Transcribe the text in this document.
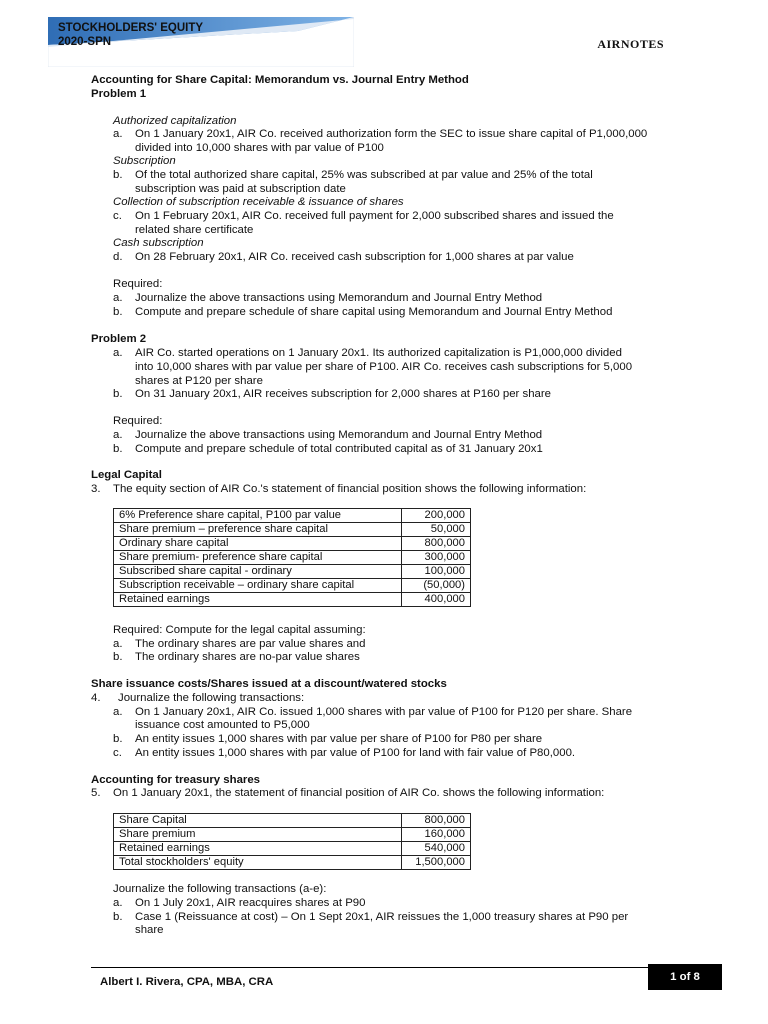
STOCKHOLDERS' EQUITY
2020-SPN	AIRNOTES
Accounting for Share Capital: Memorandum vs. Journal Entry Method
Problem 1
Authorized capitalization
a. On 1 January 20x1, AIR Co. received authorization form the SEC to issue share capital of P1,000,000
divided into 10,000 shares with par value of P100
Subscription
b. Of the total authorized share capital, 25% was subscribed at par value and 25% of the total
subscription was paid at subscription date
Collection of subscription receivable & issuance of shares
c. On 1 February 20x1, AIR Co. received full payment for 2,000 subscribed shares and issued the
related share certificate
Cash subscription
d. On 28 February 20x1, AIR Co. received cash subscription for 1,000 shares at par value
Required:
a. Journalize the above transactions using Memorandum and Journal Entry Method
b. Compute and prepare schedule of share capital using Memorandum and Journal Entry Method
Problem 2
a. AIR Co. started operations on 1 January 20x1. Its authorized capitalization is P1,000,000 divided
into 10,000 shares with par value per share of P100. AIR Co. receives cash subscriptions for 5,000
shares at P120 per share
b. On 31 January 20x1, AIR receives subscription for 2,000 shares at P160 per share
Required:
a. Journalize the above transactions using Memorandum and Journal Entry Method
b. Compute and prepare schedule of total contributed capital as of 31 January 20x1
Legal Capital
3. The equity section of AIR Co.'s statement of financial position shows the following information:
6% Preference share capital, P100 par value	200,000
Share premium – preference share capital	50,000
Ordinary share capital	800,000
Share premium- preference share capital	300,000
Subscribed share capital - ordinary	100,000
Subscription receivable – ordinary share capital	(50,000)
Retained earnings	400,000
Required: Compute for the legal capital assuming:
a. The ordinary shares are par value shares and
b. The ordinary shares are no-par value shares
Share issuance costs/Shares issued at a discount/watered stocks
4. Journalize the following transactions:
a. On 1 January 20x1, AIR Co. issued 1,000 shares with par value of P100 for P120 per share. Share
issuance cost amounted to P5,000
b. An entity issues 1,000 shares with par value per share of P100 for P80 per share
c. An entity issues 1,000 shares with par value of P100 for land with fair value of P80,000.
Accounting for treasury shares
5. On 1 January 20x1, the statement of financial position of AIR Co. shows the following information:
Share Capital	800,000
Share premium	160,000
Retained earnings	540,000
Total stockholders' equity	1,500,000
Journalize the following transactions (a-e):
a. On 1 July 20x1, AIR reacquires shares at P90
b. Case 1 (Reissuance at cost) – On 1 Sept 20x1, AIR reissues the 1,000 treasury shares at P90 per
share
Albert I. Rivera, CPA, MBA, CRA	1 of 8
